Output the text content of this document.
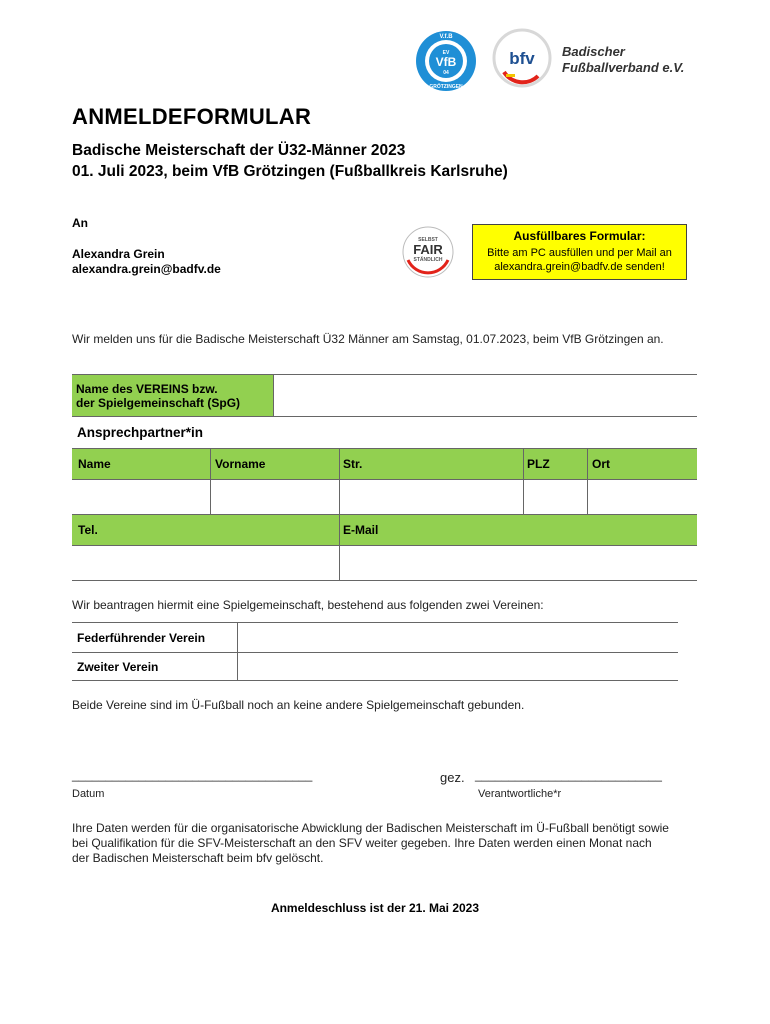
VfB
EV
04
V.f.B
GRÖTZINGEN
bfv Badischer
Fußballverband e.V.
ANMELDEFORMULAR
Badische Meisterschaft der Ü32-Männer 2023
01. Juli 2023, beim VfB Grötzingen (Fußballkreis Karlsruhe)
An
Alexandra Grein
alexandra.grein@badfv.de
SELBST
FAIR
STÄNDLICH
Ausfüllbares Formular:
Bitte am PC ausfüllen und per Mail an
alexandra.grein@badfv.de senden!
Wir melden uns für die Badische Meisterschaft Ü32 Männer am Samstag, 01.07.2023, beim VfB Grötzingen an.
Name des VEREINS bzw.
der Spielgemeinschaft (SpG)
Ansprechpartner*in
Name	Vorname	Str.	PLZ	Ort
Tel.	E-Mail
Wir beantragen hiermit eine Spielgemeinschaft, bestehend aus folgenden zwei Vereinen:
Federführender Verein
Zweiter Verein
Beide Vereine sind im Ü-Fußball noch an keine andere Spielgemeinschaft gebunden.
____________________________________	gez. ____________________________
Datum	Verantwortliche*r
Ihre Daten werden für die organisatorische Abwicklung der Badischen Meisterschaft im Ü-Fußball benötigt sowie bei Qualifikation für die SFV-Meisterschaft an den SFV weiter gegeben. Ihre Daten werden einen Monat nach der Badischen Meisterschaft beim bfv gelöscht.
Anmeldeschluss ist der 21. Mai 2023
